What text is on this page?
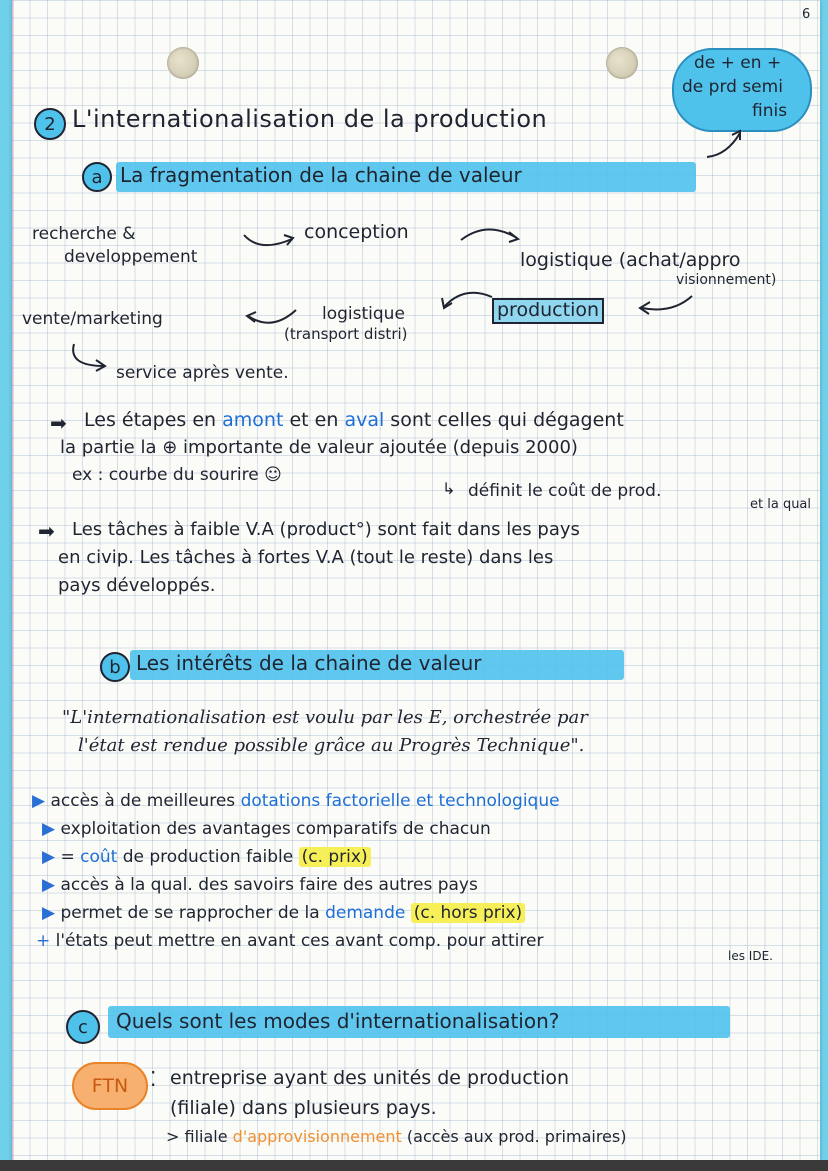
6
de + en +
de prd semi
finis
2 L'internationalisation de la production
a La fragmentation de la chaine de valeur
recherche &
developpement
conception
logistique (achat/appro
visionnement)
production
logistique
(transport distri)
vente/marketing
service après vente.
➡ Les étapes en amont et en aval sont celles qui dégagent
la partie la ⊕ importante de valeur ajoutée (depuis 2000)
ex : courbe du sourire ☺
↳ définit le coût de prod.
et la qual
➡ Les tâches à faible V.A (product°) sont fait dans les pays
en civip. Les tâches à fortes V.A (tout le reste) dans les
pays développés.
b Les intérêts de la chaine de valeur
"L'internationalisation est voulu par les E, orchestrée par
l'état est rendue possible grâce au Progrès Technique".
▶ accès à de meilleures dotations factorielle et technologique
▶ exploitation des avantages comparatifs de chacun
▶ = coût de production faible (c. prix)
▶ accès à la qual. des savoirs faire des autres pays
▶ permet de se rapprocher de la demande (c. hors prix)
+ l'états peut mettre en avant ces avant comp. pour attirer
les IDE.
c Quels sont les modes d'internationalisation?
FTN ⁚ entreprise ayant des unités de production
(filiale) dans plusieurs pays.
> filiale d'approvisionnement (accès aux prod. primaires)
